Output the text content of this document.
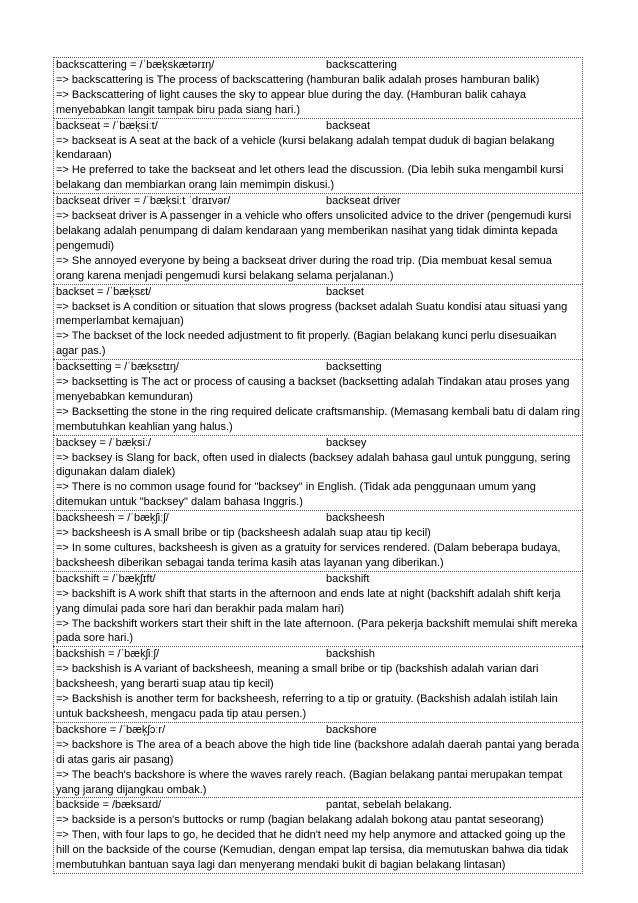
backscattering = /ˈbæk̩skætərɪŋ/	backscattering
=> backscattering is The process of backscattering (hamburan balik adalah proses hamburan balik)
=> Backscattering of light causes the sky to appear blue during the day. (Hamburan balik cahaya menyebabkan langit tampak biru pada siang hari.)
backseat = /ˈbæk̩siːt/	backseat
=> backseat is A seat at the back of a vehicle (kursi belakang adalah tempat duduk di bagian belakang kendaraan)
=> He preferred to take the backseat and let others lead the discussion. (Dia lebih suka mengambil kursi belakang dan membiarkan orang lain memimpin diskusi.)
backseat driver = /ˈbæk̩siːt ˈdraɪvər/	backseat driver
=> backseat driver is A passenger in a vehicle who offers unsolicited advice to the driver (pengemudi kursi belakang adalah penumpang di dalam kendaraan yang memberikan nasihat yang tidak diminta kepada pengemudi)
=> She annoyed everyone by being a backseat driver during the road trip. (Dia membuat kesal semua orang karena menjadi pengemudi kursi belakang selama perjalanan.)
backset = /ˈbæk̩sɛt/	backset
=> backset is A condition or situation that slows progress (backset adalah Suatu kondisi atau situasi yang memperlambat kemajuan)
=> The backset of the lock needed adjustment to fit properly. (Bagian belakang kunci perlu disesuaikan agar pas.)
backsetting = /ˈbæk̩sɛtɪŋ/	backsetting
=> backsetting is The act or process of causing a backset (backsetting adalah Tindakan atau proses yang menyebabkan kemunduran)
=> Backsetting the stone in the ring required delicate craftsmanship. (Memasang kembali batu di dalam ring membutuhkan keahlian yang halus.)
backsey = /ˈbæk̩siː/	backsey
=> backsey is Slang for back, often used in dialects (backsey adalah bahasa gaul untuk punggung, sering digunakan dalam dialek)
=> There is no common usage found for "backsey" in English. (Tidak ada penggunaan umum yang ditemukan untuk "backsey" dalam bahasa Inggris.)
backsheesh = /ˈbæk̩ʃiːʃ/	backsheesh
=> backsheesh is A small bribe or tip (backsheesh adalah suap atau tip kecil)
=> In some cultures, backsheesh is given as a gratuity for services rendered. (Dalam beberapa budaya, backsheesh diberikan sebagai tanda terima kasih atas layanan yang diberikan.)
backshift = /ˈbæk̩ʃɪft/	backshift
=> backshift is A work shift that starts in the afternoon and ends late at night (backshift adalah shift kerja yang dimulai pada sore hari dan berakhir pada malam hari)
=> The backshift workers start their shift in the late afternoon. (Para pekerja backshift memulai shift mereka pada sore hari.)
backshish = /ˈbæk̩ʃiːʃ/	backshish
=> backshish is A variant of backsheesh, meaning a small bribe or tip (backshish adalah varian dari backsheesh, yang berarti suap atau tip kecil)
=> Backshish is another term for backsheesh, referring to a tip or gratuity. (Backshish adalah istilah lain untuk backsheesh, mengacu pada tip atau persen.)
backshore = /ˈbæk̩ʃɔːr/	backshore
=> backshore is The area of a beach above the high tide line (backshore adalah daerah pantai yang berada di atas garis air pasang)
=> The beach's backshore is where the waves rarely reach. (Bagian belakang pantai merupakan tempat yang jarang dijangkau ombak.)
backside = /bæksaɪd/	pantat, sebelah belakang.
=> backside is a person's buttocks or rump (bagian belakang adalah bokong atau pantat seseorang)
=> Then, with four laps to go, he decided that he didn't need my help anymore and attacked going up the hill on the backside of the course (Kemudian, dengan empat lap tersisa, dia memutuskan bahwa dia tidak membutuhkan bantuan saya lagi dan menyerang mendaki bukit di bagian belakang lintasan)
